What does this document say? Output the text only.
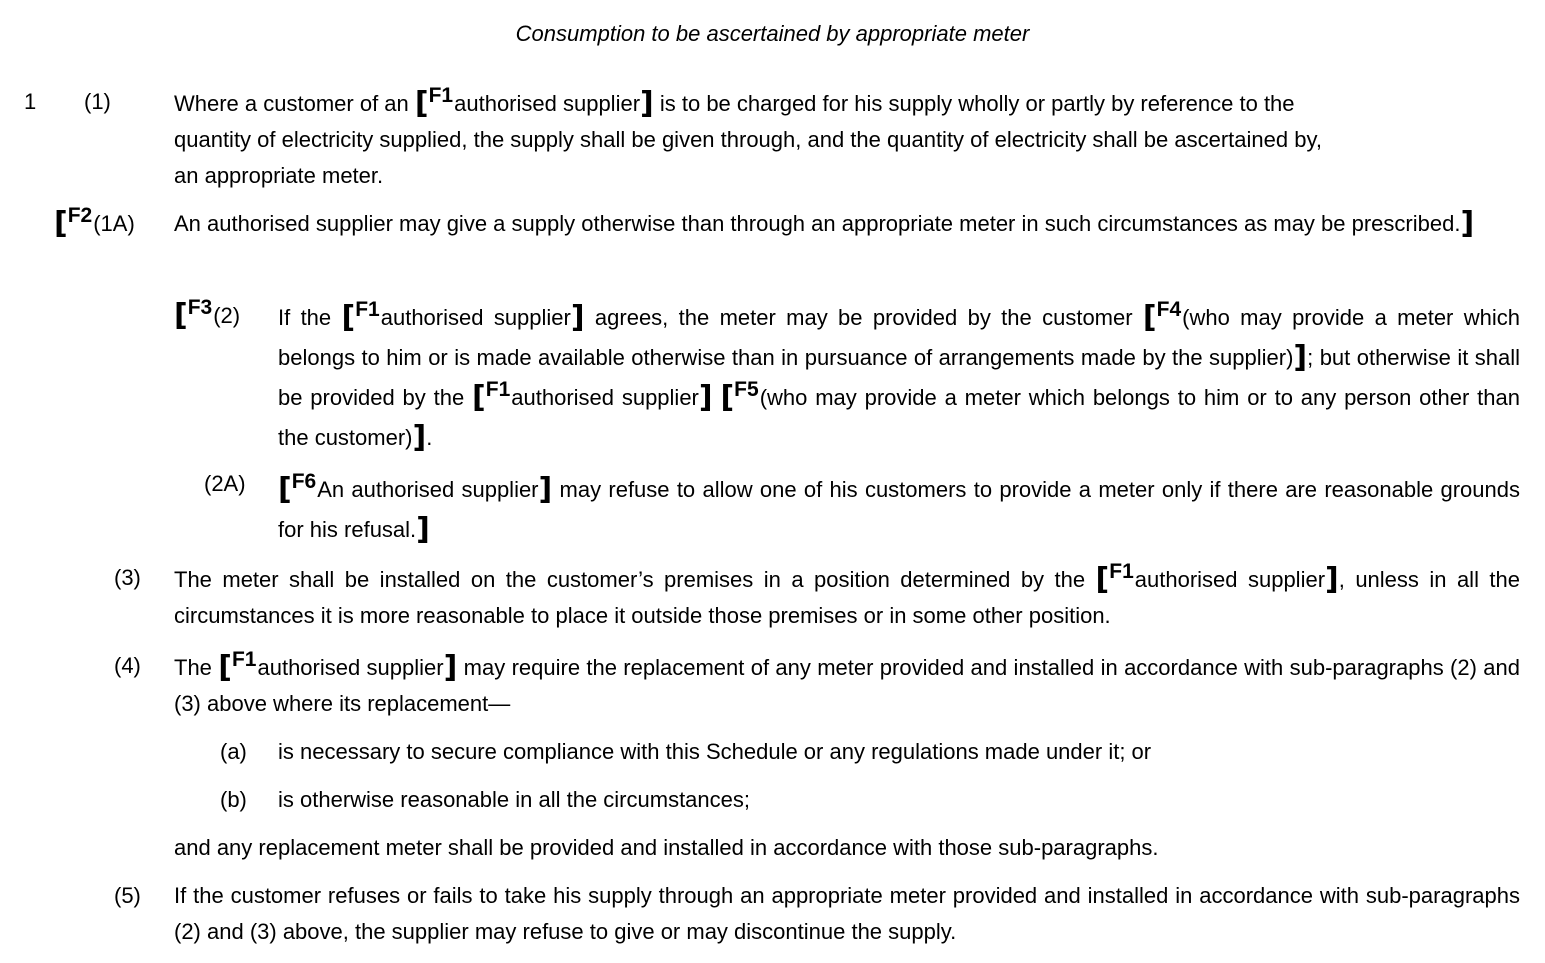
Consumption to be ascertained by appropriate meter
1 (1)	Where a customer of an [F1authorised supplier] is to be charged for his supply wholly or partly by reference to the quantity of electricity supplied, the supply shall be given through, and the quantity of electricity shall be ascertained by, an appropriate meter.
[F2(1A) An authorised supplier may give a supply otherwise than through an appropriate meter in such circumstances as may be prescribed.]
[F3(2) If the [F1authorised supplier] agrees, the meter may be provided by the customer [F4(who may provide a meter which belongs to him or is made available otherwise than in pursuance of arrangements made by the supplier)]; but otherwise it shall be provided by the [F1authorised supplier] [F5(who may provide a meter which belongs to him or to any person other than the customer)].
(2A) [F6An authorised supplier] may refuse to allow one of his customers to provide a meter only if there are reasonable grounds for his refusal.]
(3) The meter shall be installed on the customer’s premises in a position determined by the [F1authorised supplier], unless in all the circumstances it is more reasonable to place it outside those premises or in some other position.
(4) The [F1authorised supplier] may require the replacement of any meter provided and installed in accordance with sub-paragraphs (2) and (3) above where its replacement—
(a) is necessary to secure compliance with this Schedule or any regulations made under it; or
(b) is otherwise reasonable in all the circumstances;
and any replacement meter shall be provided and installed in accordance with those sub-paragraphs.
(5) If the customer refuses or fails to take his supply through an appropriate meter provided and installed in accordance with sub-paragraphs (2) and (3) above, the supplier may refuse to give or may discontinue the supply.
